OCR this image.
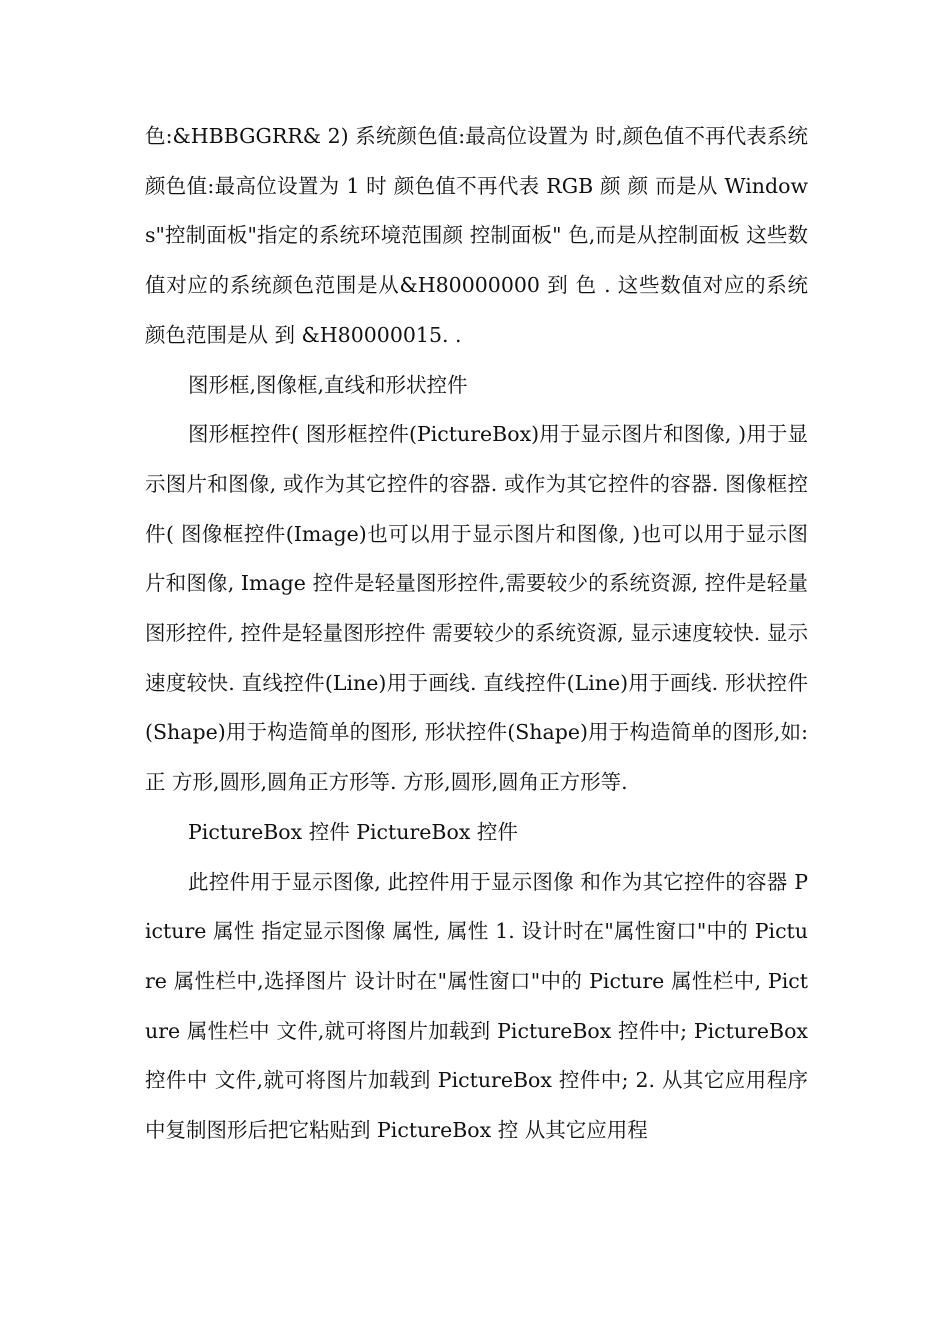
色:&HBBGGRR& 2) 系统颜色值:最高位设置为 时,颜色值不再代表系统颜色值:最高位设置为 1 时 颜色值不再代表 RGB 颜 颜 而是从 Windows"控制面板"指定的系统环境范围颜 控制面板" 色,而是从控制面板 这些数值对应的系统颜色范围是从&H80000000 到 色 . 这些数值对应的系统颜色范围是从 到 &H80000015. .

图形框,图像框,直线和形状控件

图形框控件( 图形框控件(PictureBox)用于显示图片和图像, )用于显示图片和图像, 或作为其它控件的容器. 或作为其它控件的容器. 图像框控件( 图像框控件(Image)也可以用于显示图片和图像, )也可以用于显示图片和图像, Image 控件是轻量图形控件,需要较少的系统资源, 控件是轻量图形控件, 控件是轻量图形控件 需要较少的系统资源, 显示速度较快. 显示速度较快. 直线控件(Line)用于画线. 直线控件(Line)用于画线. 形状控件(Shape)用于构造简单的图形, 形状控件(Shape)用于构造简单的图形,如:正 方形,圆形,圆角正方形等. 方形,圆形,圆角正方形等.

PictureBox 控件 PictureBox 控件

此控件用于显示图像, 此控件用于显示图像 和作为其它控件的容器 Picture 属性 指定显示图像 属性, 属性 1. 设计时在"属性窗口"中的 Picture 属性栏中,选择图片 设计时在"属性窗口"中的 Picture 属性栏中, Picture 属性栏中 文件,就可将图片加载到 PictureBox 控件中; PictureBox 控件中 文件,就可将图片加载到 PictureBox 控件中; 2. 从其它应用程序中复制图形后把它粘贴到 PictureBox 控 从其它应用程
